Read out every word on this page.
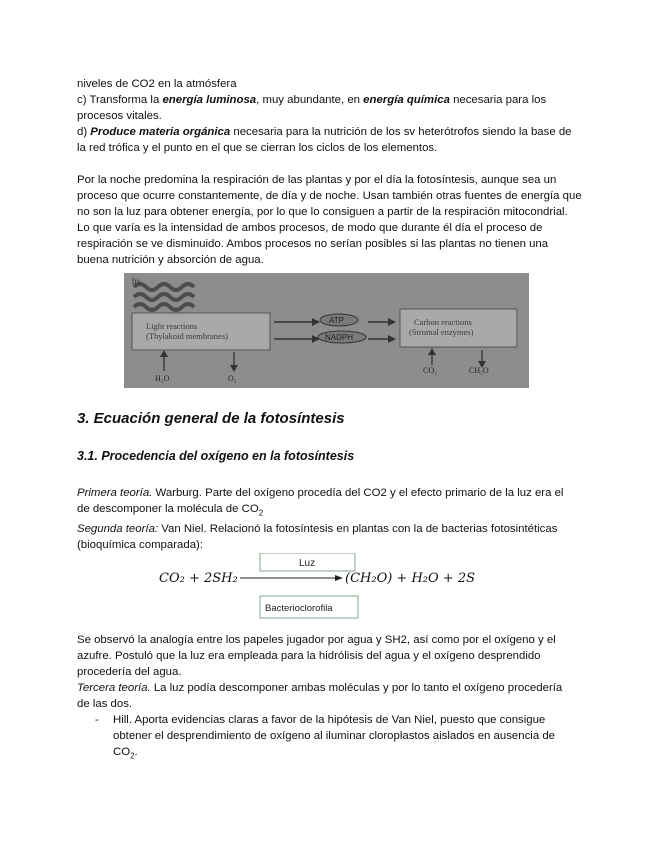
niveles de CO2 en la atmósfera

c) Transforma la energía luminosa, muy abundante, en energía química necesaria para los procesos vitales.

d) Produce materia orgánica necesaria para la nutrición de los sv heterótrofos siendo la base de la red trófica y el punto en el que se cierran los ciclos de los elementos.

Por la noche predomina la respiración de las plantas y por el día la fotosíntesis, aunque sea un proceso que ocurre constantemente, de día y de noche. Usan también otras fuentes de energía que no son la luz para obtener energía, por lo que lo consiguen a partir de la respiración mitocondrial. Lo que varía es la intensidad de ambos procesos, de modo que durante él día el proceso de respiración se ve disminuido. Ambos procesos no serían posibles si las plantas no tienen una buena nutrición y absorción de agua.

hν
Light reactions
(Thylakoid membranes)
ATP
NADPH
Carbon reactions
(Stromal enzymes)
H₂O	O₂
CO₂	CH₂O
3. Ecuación general de la fotosíntesis
3.1. Procedencia del oxígeno en la fotosíntesis

Primera teoría. Warburg. Parte del oxígeno procedía del CO2 y el efecto primario de la luz era el de descomponer la molécula de $CO_2$

Segunda teoría: Van Niel. Relacionó la fotosíntesis en plantas con la de bacterias fotosintéticas (bioquímica comparada):

Luz
CO₂ + 2SH₂	(CH₂O) + H₂O + 2S
Bacterioclorofila

Se observó la analogía entre los papeles jugador por agua y SH2, así como por el oxígeno y el azufre. Postuló que la luz era empleada para la hidrólisis del agua y el oxígeno desprendido procedería del agua.

Tercera teoría. La luz podía descomponer ambas moléculas y por lo tanto el oxígeno procedería de las dos.

-	Hill. Aporta evidencias claras a favor de la hipótesis de Van Niel, puesto que consigue obtener el desprendimiento de oxígeno al iluminar cloroplastos aislados en ausencia de $CO_2$.
